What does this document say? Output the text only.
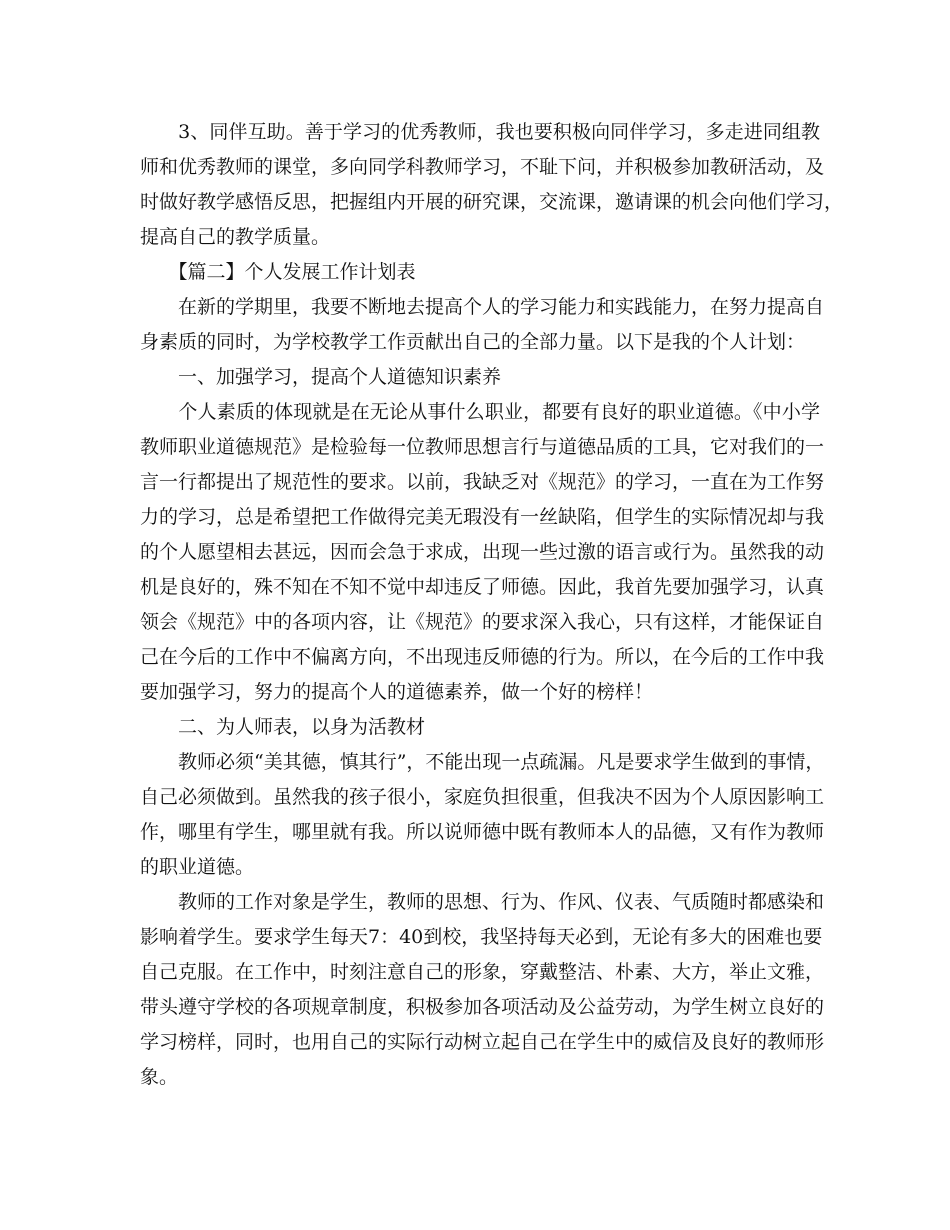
　　3、同伴互助。善于学习的优秀教师，我也要积极向同伴学习，多走进同组教
师和优秀教师的课堂，多向同学科教师学习，不耻下问，并积极参加教研活动，及
时做好教学感悟反思，把握组内开展的研究课，交流课，邀请课的机会向他们学习，
提高自己的教学质量。
　　【篇二】个人发展工作计划表
　　在新的学期里，我要不断地去提高个人的学习能力和实践能力，在努力提高自
身素质的同时，为学校教学工作贡献出自己的全部力量。以下是我的个人计划：
　　一、加强学习，提高个人道德知识素养
　　个人素质的体现就是在无论从事什么职业，都要有良好的职业道德。《中小学
教师职业道德规范》是检验每一位教师思想言行与道德品质的工具，它对我们的一
言一行都提出了规范性的要求。以前，我缺乏对《规范》的学习，一直在为工作努
力的学习，总是希望把工作做得完美无瑕没有一丝缺陷，但学生的实际情况却与我
的个人愿望相去甚远，因而会急于求成，出现一些过激的语言或行为。虽然我的动
机是良好的，殊不知在不知不觉中却违反了师德。因此，我首先要加强学习，认真
领会《规范》中的各项内容，让《规范》的要求深入我心，只有这样，才能保证自
己在今后的工作中不偏离方向，不出现违反师德的行为。所以，在今后的工作中我
要加强学习，努力的提高个人的道德素养，做一个好的榜样！
　　二、为人师表，以身为活教材
　　教师必须“美其德，慎其行”，不能出现一点疏漏。凡是要求学生做到的事情，
自己必须做到。虽然我的孩子很小，家庭负担很重，但我决不因为个人原因影响工
作，哪里有学生，哪里就有我。所以说师德中既有教师本人的品德，又有作为教师
的职业道德。
　　教师的工作对象是学生，教师的思想、行为、作风、仪表、气质随时都感染和
影响着学生。要求学生每天7：40到校，我坚持每天必到，无论有多大的困难也要
自己克服。在工作中，时刻注意自己的形象，穿戴整洁、朴素、大方，举止文雅，
带头遵守学校的各项规章制度，积极参加各项活动及公益劳动，为学生树立良好的
学习榜样，同时，也用自己的实际行动树立起自己在学生中的威信及良好的教师形
象。
